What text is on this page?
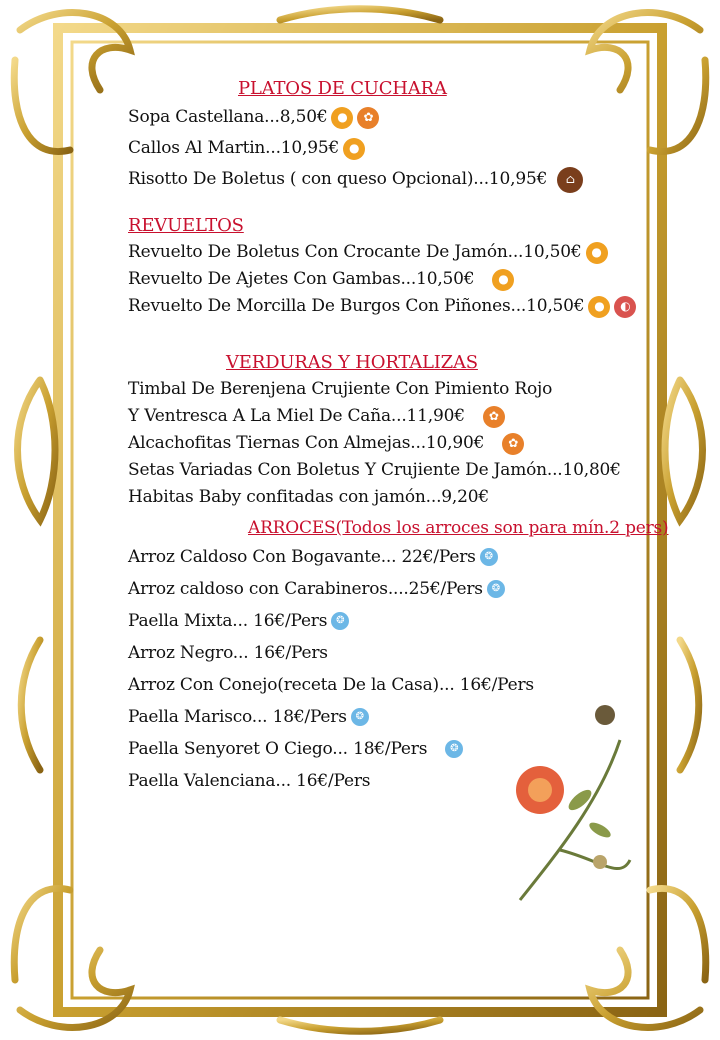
PLATOS DE CUCHARA
Sopa Castellana...8,50€ ●	✿
Callos Al Martin...10,95€ ●
Risotto De Boletus ( con queso Opcional)...10,95€	⌂
REVUELTOS
Revuelto De Boletus Con Crocante De Jamón...10,50€ ●
Revuelto De Ajetes Con Gambas...10,50€	●
Revuelto De Morcilla De Burgos Con Piñones...10,50€ ●	◐
VERDURAS Y HORTALIZAS
Timbal De Berenjena Crujiente Con Pimiento Rojo
Y Ventresca A La Miel De Caña...11,90€	✿
Alcachofitas Tiernas Con Almejas...10,90€	✿
Setas Variadas Con Boletus Y Crujiente De Jamón...10,80€
Habitas Baby confitadas con jamón...9,20€
ARROCES(Todos los arroces son para mín.2 pers)
Arroz Caldoso Con Bogavante... 22€/Pers ❂
Arroz caldoso con Carabineros....25€/Pers ❂
Paella Mixta... 16€/Pers ❂
Arroz Negro... 16€/Pers
Arroz Con Conejo(receta De la Casa)... 16€/Pers
Paella Marisco... 18€/Pers ❂
Paella Senyoret O Ciego... 18€/Pers	❂
Paella Valenciana... 16€/Pers
